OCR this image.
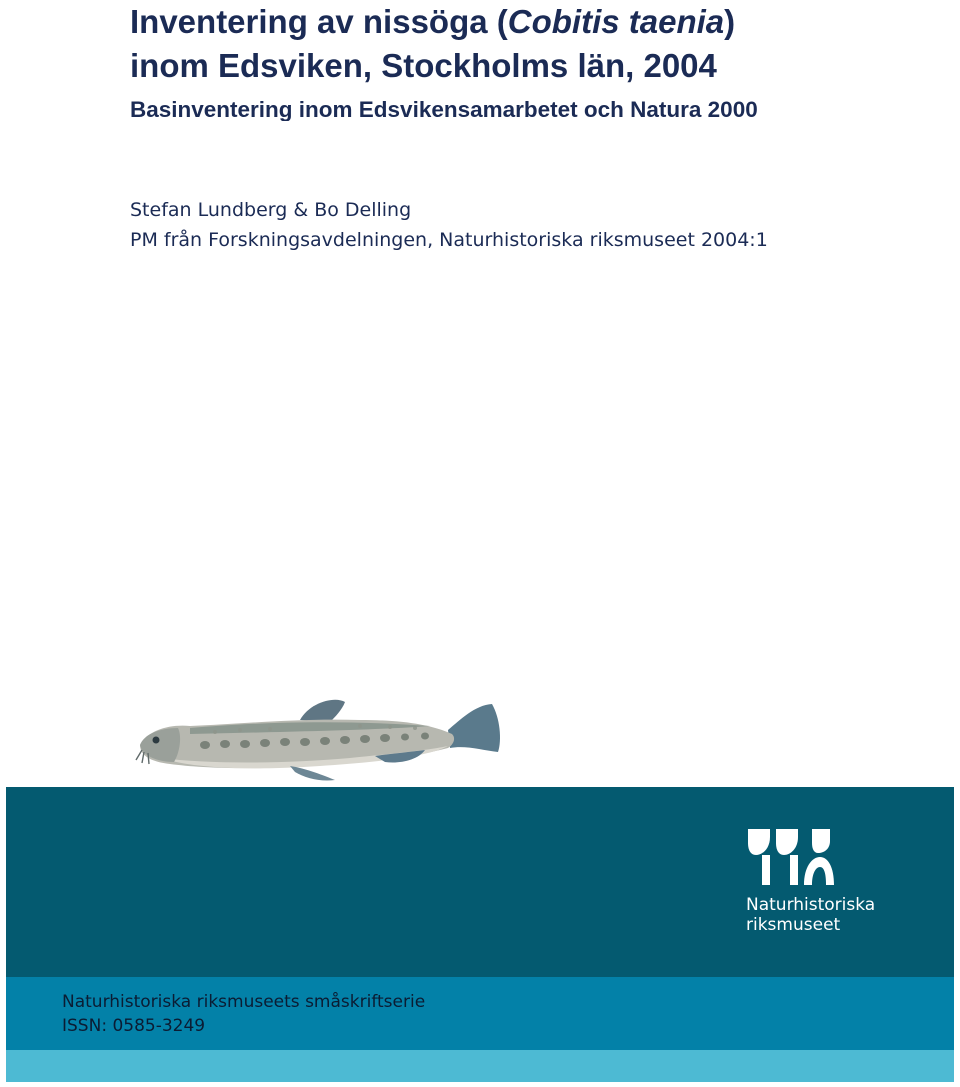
Inventering av nissöga (Cobitis taenia)
inom Edsviken, Stockholms län, 2004
Basinventering inom Edsvikensamarbetet och Natura 2000
Stefan Lundberg & Bo Delling
PM från Forskningsavdelningen, Naturhistoriska riksmuseet 2004:1
Naturhistoriska
riksmuseet
Naturhistoriska riksmuseets småskriftserie
ISSN: 0585-3249
